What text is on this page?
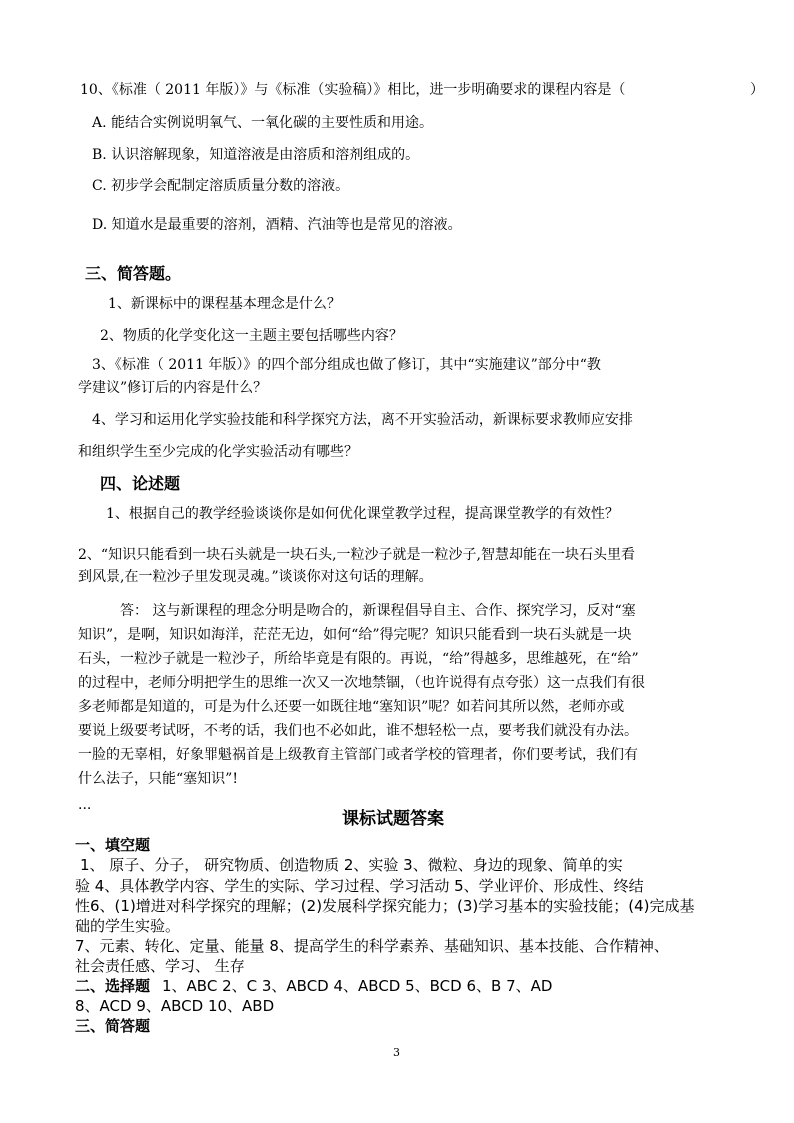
10、《标准（ 2011 年版）》与《标准（实验稿）》相比，进一步明确要求的课程内容是（	）
A. 能结合实例说明氧气、一氧化碳的主要性质和用途。
B. 认识溶解现象，知道溶液是由溶质和溶剂组成的。
C. 初步学会配制定溶质质量分数的溶液。
D. 知道水是最重要的溶剂，酒精、汽油等也是常见的溶液。
三、简答题。
1、新课标中的课程基本理念是什么？
2、物质的化学变化这一主题主要包括哪些内容？
3、《标准（ 2011 年版）》的四个部分组成也做了修订，其中“实施建议”部分中“教
学建议”修订后的内容是什么？
4、学习和运用化学实验技能和科学探究方法，离不开实验活动，新课标要求教师应安排
和组织学生至少完成的化学实验活动有哪些？
四、论述题
1、根据自己的教学经验谈谈你是如何优化课堂教学过程，提高课堂教学的有效性？
2、“知识只能看到一块石头就是一块石头,一粒沙子就是一粒沙子,智慧却能在一块石头里看
到风景,在一粒沙子里发现灵魂。”谈谈你对这句话的理解。
答： 这与新课程的理念分明是吻合的，新课程倡导自主、合作、探究学习，反对“塞
知识”，是啊，知识如海洋，茫茫无边，如何“给”得完呢？知识只能看到一块石头就是一块
石头，一粒沙子就是一粒沙子，所给毕竟是有限的。再说，“给”得越多，思维越死，在“给”
的过程中，老师分明把学生的思维一次又一次地禁锢，（也许说得有点夸张）这一点我们有很
多老师都是知道的，可是为什么还要一如既往地“塞知识”呢？如若问其所以然，老师亦或
要说上级要考试呀，不考的话，我们也不必如此，谁不想轻松一点，要考我们就没有办法。
一脸的无辜相，好象罪魁祸首是上级教育主管部门或者学校的管理者，你们要考试，我们有
什么法子，只能“塞知识”!
...
课标试题答案
一、填空题
1、 原子、分子， 研究物质、创造物质 2、实验 3、微粒、身边的现象、简单的实
验 4、具体教学内容、学生的实际、学习过程、学习活动 5、学业评价、形成性、终结
性6、(1)增进对科学探究的理解；(2)发展科学探究能力；(3)学习基本的实验技能；(4)完成基
础的学生实验。
7、元素、转化、定量、能量 8、提高学生的科学素养、基础知识、基本技能、合作精神、
社会责任感、学习、 生存
二、选择题 1、ABC 2、C 3、ABCD 4、ABCD 5、BCD 6、B 7、AD
8、ACD 9、ABCD 10、ABD
三、简答题
3
